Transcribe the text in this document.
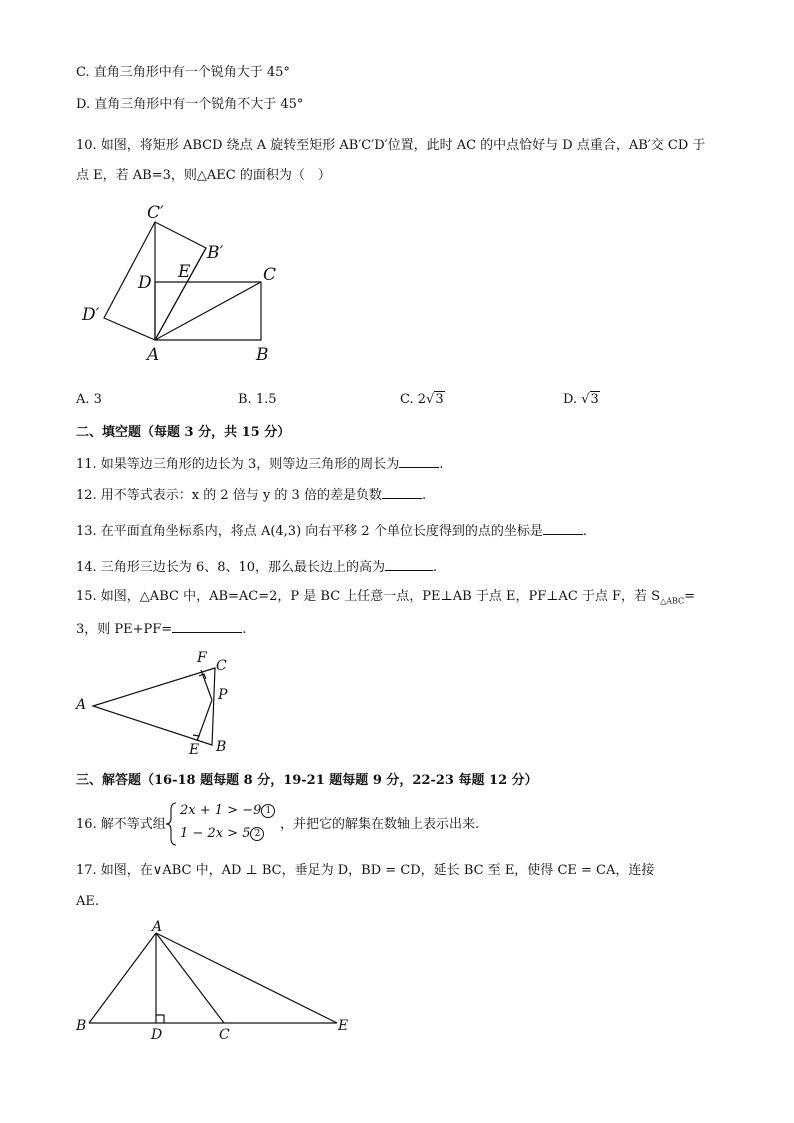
C. 直角三角形中有一个锐角大于 45°
D. 直角三角形中有一个锐角不大于 45°
10. 如图，将矩形 ABCD 绕点 A 旋转至矩形 AB′C′D′位置，此时 AC 的中点恰好与 D 点重合，AB′交 CD 于
点 E，若 AB=3，则△AEC 的面积为（　）
C′
B′
E
D	C
D′
A	B
A. 3	B. 1.5	C. 2√3	D. √3
二、填空题（每题 3 分，共 15 分）
11. 如果等边三角形的边长为 3，则等边三角形的周长为	.
12. 用不等式表示：x 的 2 倍与 y 的 3 倍的差是负数	.
13. 在平面直角坐标系内，将点 A(4,3) 向右平移 2 个单位长度得到的点的坐标是	.
14. 三角形三边长为 6、8、10，那么最长边上的高为	.
15. 如图，△ABC 中，AB=AC=2，P 是 BC 上任意一点，PE⊥AB 于点 E，PF⊥AC 于点 F，若 $S_{\triangle ABC}=$
3，则 PE+PF=	.
F C
P
A
E B
三、解答题（16-18 题每题 8 分，19-21 题每题 9 分，22-23 每题 12 分）
16. 解不等式组
2x + 1 > −9 1
1 − 2x > 5 2
，并把它的解集在数轴上表示出来.
17. 如图，在∨ABC 中，AD ⊥ BC，垂足为 D，BD = CD，延长 BC 至 E，使得 CE = CA，连接
AE.
A
B
D	C
E
